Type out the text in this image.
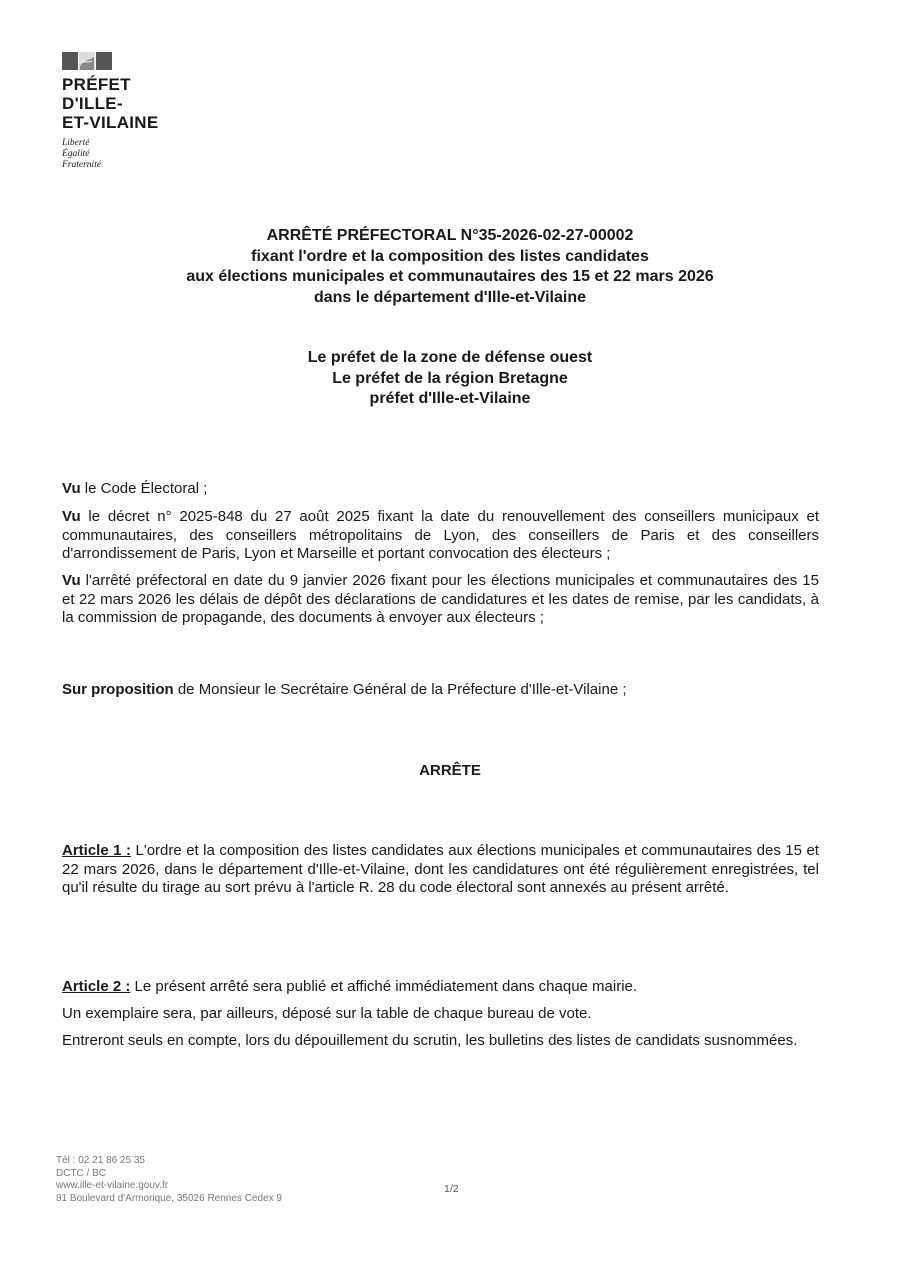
PRÉFET
D'ILLE-
ET-VILAINE
Liberté
Égalité
Fraternité
ARRÊTÉ PRÉFECTORAL N°35-2026-02-27-00002
fixant l'ordre et la composition des listes candidates
aux élections municipales et communautaires des 15 et 22 mars 2026
dans le département d'Ille-et-Vilaine
Le préfet de la zone de défense ouest
Le préfet de la région Bretagne
préfet d'Ille-et-Vilaine

Vu le Code Électoral ;

Vu le décret n° 2025-848 du 27 août 2025 fixant la date du renouvellement des conseillers municipaux et communautaires, des conseillers métropolitains de Lyon, des conseillers de Paris et des conseillers d'arrondissement de Paris, Lyon et Marseille et portant convocation des électeurs ;

Vu l'arrêté préfectoral en date du 9 janvier 2026 fixant pour les élections municipales et communautaires des 15 et 22 mars 2026 les délais de dépôt des déclarations de candidatures et les dates de remise, par les candidats, à la commission de propagande, des documents à envoyer aux électeurs ;

Sur proposition de Monsieur le Secrétaire Général de la Préfecture d'Ille-et-Vilaine ;

ARRÊTE

Article 1 : L'ordre et la composition des listes candidates aux élections municipales et communautaires des 15 et 22 mars 2026, dans le département d'Ille-et-Vilaine, dont les candidatures ont été régulièrement enregistrées, tel qu'il résulte du tirage au sort prévu à l'article R. 28 du code électoral sont annexés au présent arrêté.

Article 2 : Le présent arrêté sera publié et affiché immédiatement dans chaque mairie.

Un exemplaire sera, par ailleurs, déposé sur la table de chaque bureau de vote.

Entreront seuls en compte, lors du dépouillement du scrutin, les bulletins des listes de candidats susnommées.

Tél : 02 21 86 25 35
DCTC / BC
www.ille-et-vilaine.gouv.fr
81 Boulevard d'Armorique, 35026 Rennes Cedex 9
1/2
